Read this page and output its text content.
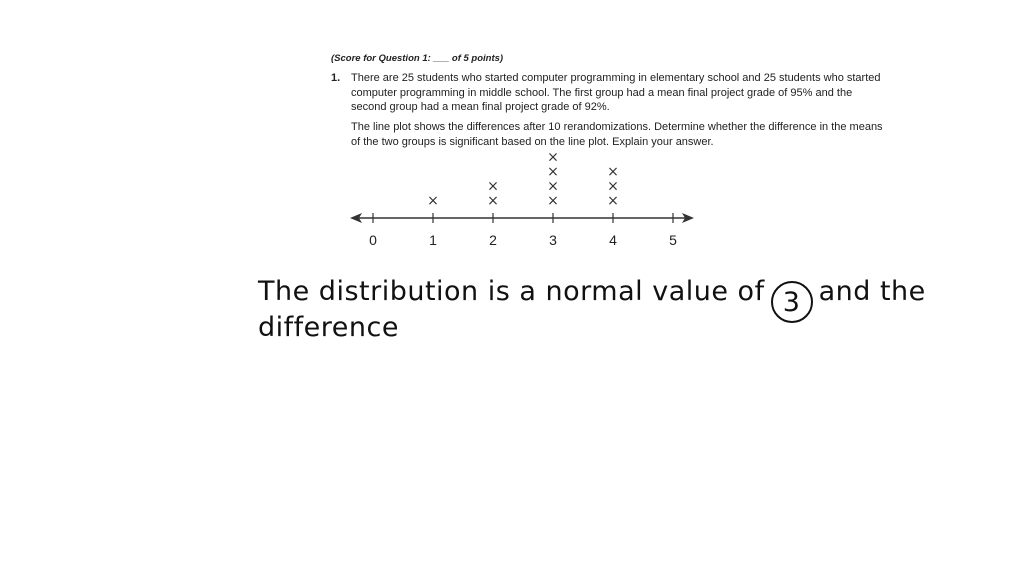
(Score for Question 1: ___ of 5 points)
1. There are 25 students who started computer programming in elementary school and 25 students who started
computer programming in middle school. The first group had a mean final project grade of 95% and the
second group had a mean final project grade of 92%.
The line plot shows the differences after 10 rerandomizations. Determine whether the difference in the means
of the two groups is significant based on the line plot. Explain your answer.
0	1	2	3	4	5
×	×
×
×
×
×
×
×
×
×
The distribution is a normal value of 3 and the
difference
